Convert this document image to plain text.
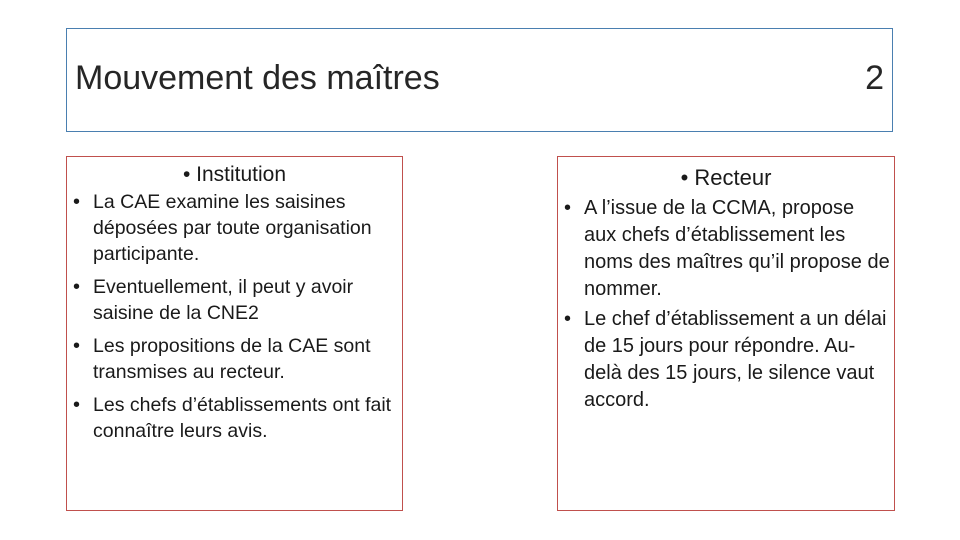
Mouvement des maîtres	2

• Institution

• La CAE examine les saisines déposées par toute organisation participante.
• Eventuellement, il peut y avoir saisine de la CNE2
• Les propositions de la CAE sont transmises au recteur.
• Les chefs d’établissements ont fait connaître leurs avis.

• Recteur

• A l’issue de la CCMA, propose aux chefs d’établissement les noms des maîtres qu’il propose de nommer.
• Le chef d’établissement a un délai de 15 jours pour répondre. Au-delà des 15 jours, le silence vaut accord.
